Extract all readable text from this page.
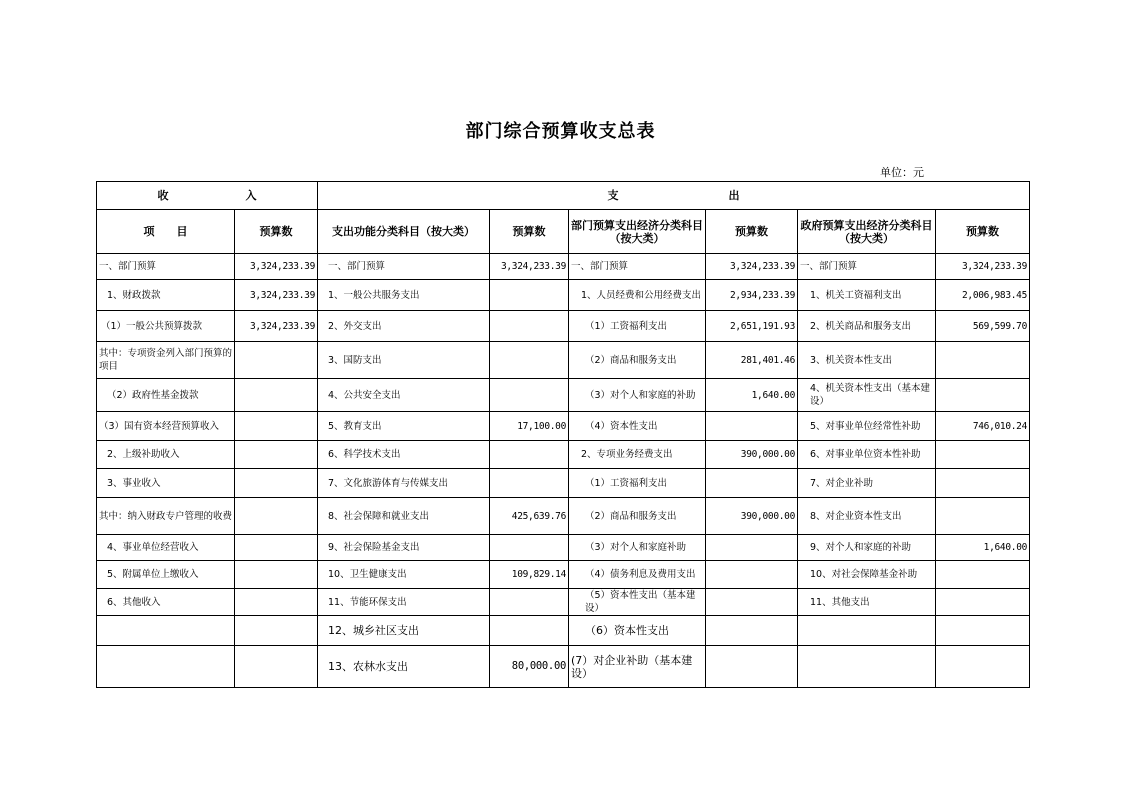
部门综合预算收支总表
单位：元
收　　　　　　　入		支　　　　　　　　　　出					
项　　目	预算数	支出功能分类科目（按大类）	预算数	部门预算支出经济分类科目（按大类）	预算数	政府预算支出经济分类科目（按大类）	预算数
一、部门预算	3,324,233.39	一、部门预算	3,324,233.39	一、部门预算	3,324,233.39	一、部门预算	3,324,233.39
1、财政拨款	3,324,233.39	1、一般公共服务支出		1、人员经费和公用经费支出	2,934,233.39	1、机关工资福利支出	2,006,983.45
（1）一般公共预算拨款	3,324,233.39	2、外交支出		（1）工资福利支出	2,651,191.93	2、机关商品和服务支出	569,599.70
其中：专项资金列入部门预算的项目		3、国防支出		（2）商品和服务支出	281,401.46	3、机关资本性支出	
（2）政府性基金拨款		4、公共安全支出		（3）对个人和家庭的补助	1,640.00	4、机关资本性支出（基本建设）	
（3）国有资本经营预算收入		5、教育支出	17,100.00	（4）资本性支出		5、对事业单位经常性补助	746,010.24
2、上级补助收入		6、科学技术支出		2、专项业务经费支出	390,000.00	6、对事业单位资本性补助	
3、事业收入		7、文化旅游体育与传媒支出		（1）工资福利支出		7、对企业补助	
其中：纳入财政专户管理的收费		8、社会保障和就业支出	425,639.76	（2）商品和服务支出	390,000.00	8、对企业资本性支出	
4、事业单位经营收入		9、社会保险基金支出		（3）对个人和家庭补助		9、对个人和家庭的补助	1,640.00
5、附属单位上缴收入		10、卫生健康支出	109,829.14	（4）债务利息及费用支出		10、对社会保障基金补助	
6、其他收入		11、节能环保支出		（5）资本性支出（基本建设）		11、其他支出	
		12、城乡社区支出		（6）资本性支出			
		13、农林水支出	80,000.00	(7）对企业补助（基本建设）			
